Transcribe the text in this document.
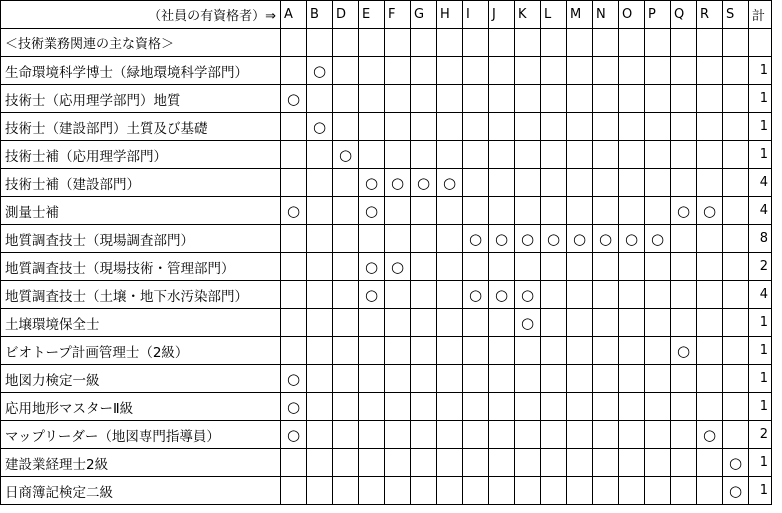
（社員の有資格者）⇒	A	B	D	E	F	G	H	I	J	K	L	M	N	O	P	Q	R	S	計
＜技術業務関連の主な資格＞																			
生命環境科学博士（緑地環境科学部門）		○																	1
技術士（応用理学部門）地質	○																		1
技術士（建設部門）土質及び基礎		○																	1
技術士補（応用理学部門）			○																1
技術士補（建設部門）				○	○	○	○												4
測量士補	○			○												○	○		4
地質調査技士（現場調査部門）								○	○	○	○	○	○	○	○				8
地質調査技士（現場技術・管理部門）				○	○														2
地質調査技士（土壌・地下水汚染部門）				○				○	○	○									4
土壌環境保全士										○									1
ビオトープ計画管理士（2級）																○			1
地図力検定一級	○																		1
応用地形マスターⅡ級	○																		1
マップリーダー（地図専門指導員）	○																○		2
建設業経理士2級																		○	1
日商簿記検定二級																		○	1
